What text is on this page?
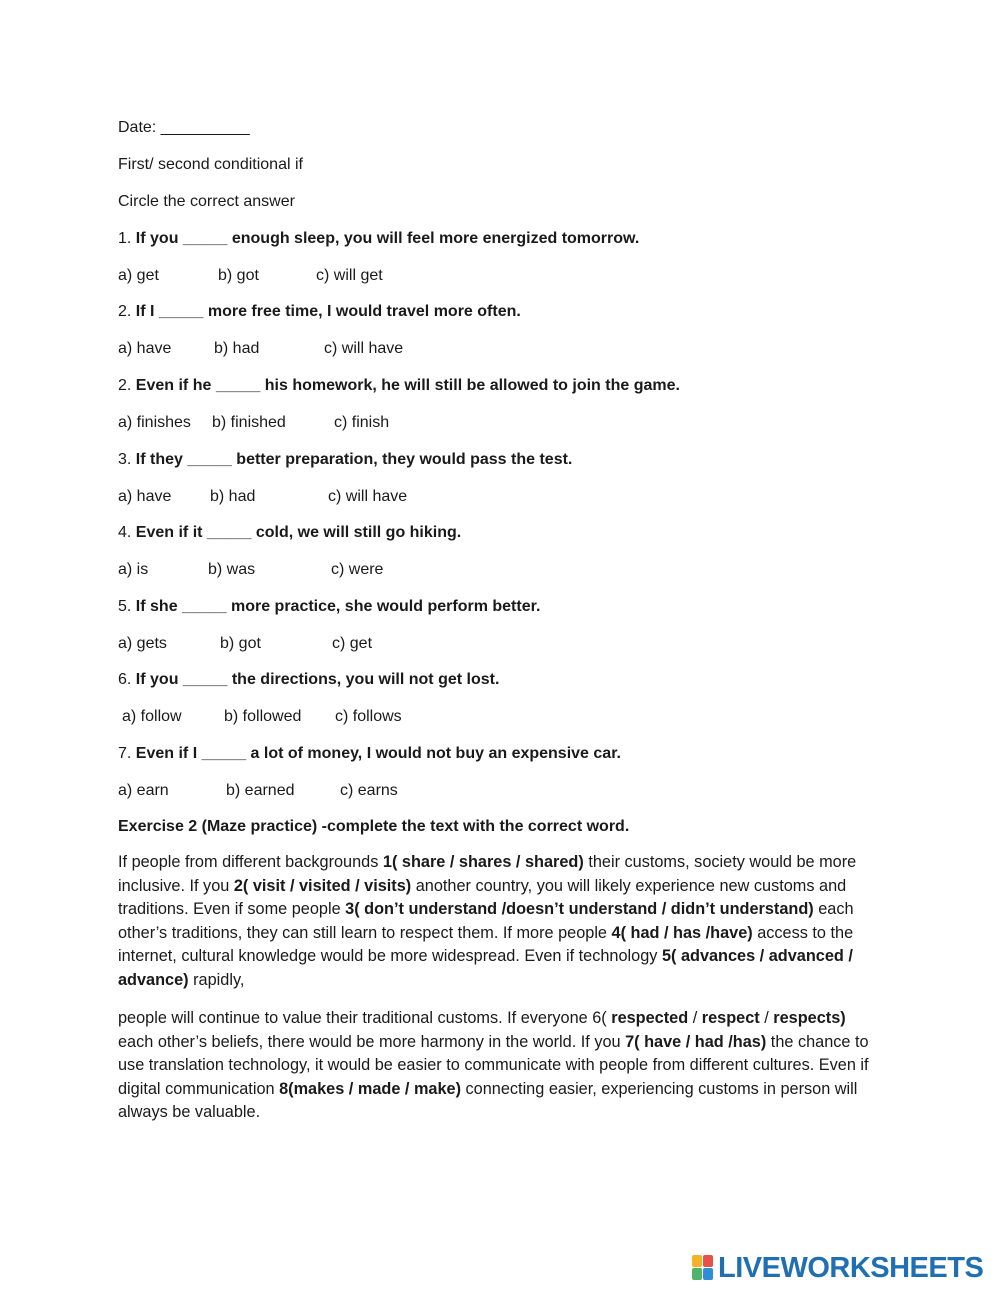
Date: __________
First/ second conditional if
Circle the correct answer
1. If you _____ enough sleep, you will feel more energized tomorrow.
a) get	b) got	c) will get
2. If I _____ more free time, I would travel more often.
a) have	b) had	c) will have
2. Even if he _____ his homework, he will still be allowed to join the game.
a) finishes b) finished	c) finish
3. If they _____ better preparation, they would pass the test.
a) have b) had	c) will have
4. Even if it _____ cold, we will still go hiking.
a) is	b) was	c) were
5. If she _____ more practice, she would perform better.
a) gets	b) got	c) get
6. If you _____ the directions, you will not get lost.
a) follow	b) followed c) follows
7. Even if I _____ a lot of money, I would not buy an expensive car.
a) earn	b) earned	c) earns
Exercise 2 (Maze practice) -complete the text with the correct word.
If people from different backgrounds 1( share / shares / shared) their customs, society would be more inclusive. If you 2( visit / visited / visits) another country, you will likely experience new customs and traditions. Even if some people 3( don’t understand /doesn’t understand / didn’t understand) each other’s traditions, they can still learn to respect them. If more people 4( had / has /have) access to the internet, cultural knowledge would be more widespread. Even if technology 5( advances / advanced / advance) rapidly,
people will continue to value their traditional customs. If everyone 6( respected / respect / respects) each other’s beliefs, there would be more harmony in the world. If you 7( have / had /has) the chance to use translation technology, it would be easier to communicate with people from different cultures. Even if digital communication 8(makes / made / make) connecting easier, experiencing customs in person will always be valuable.
LIVEWORKSHEETS
